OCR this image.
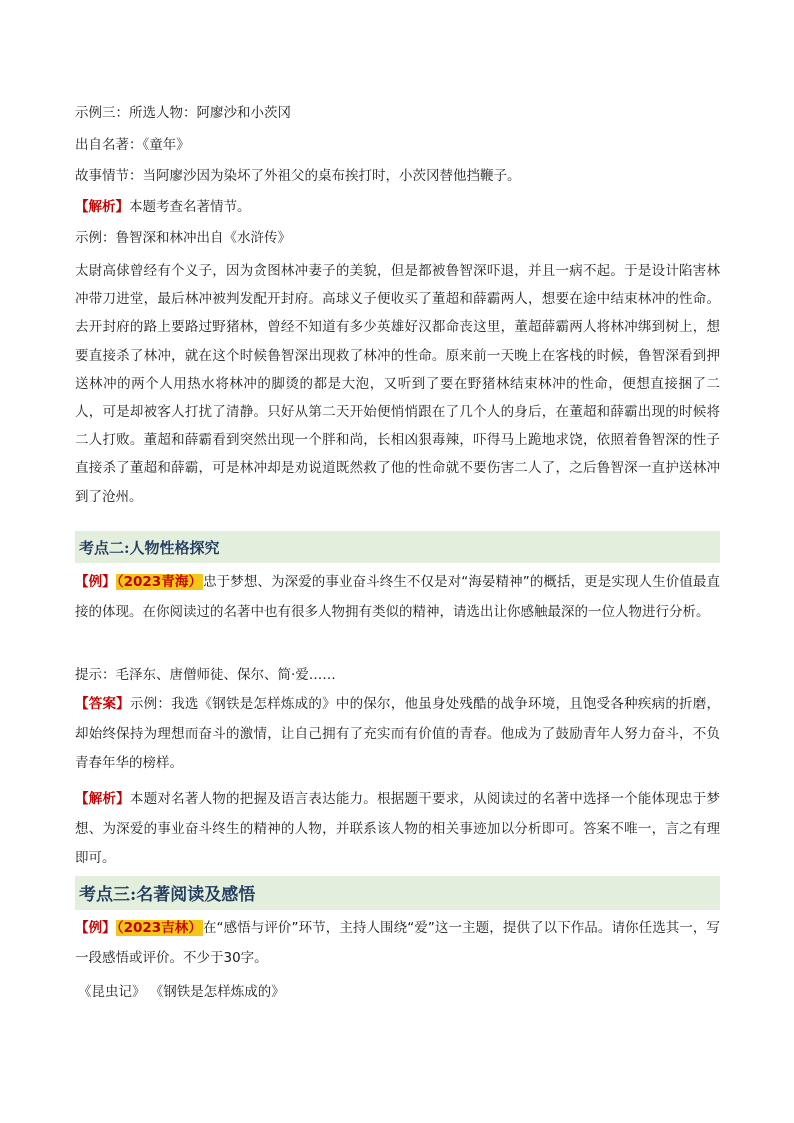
示例三：所选人物：阿廖沙和小茨冈
出自名著：《童年》
故事情节：当阿廖沙因为染坏了外祖父的桌布挨打时，小茨冈替他挡鞭子。
【解析】本题考查名著情节。
示例：鲁智深和林冲出自《水浒传》
太尉高俅曾经有个义子，因为贪图林冲妻子的美貌，但是都被鲁智深吓退，并且一病不起。于是设计陷害林冲带刀进堂，最后林冲被判发配开封府。高球义子便收买了董超和薛霸两人，想要在途中结束林冲的性命。去开封府的路上要路过野猪林，曾经不知道有多少英雄好汉都命丧这里，董超薛霸两人将林冲绑到树上，想要直接杀了林冲，就在这个时候鲁智深出现救了林冲的性命。原来前一天晚上在客栈的时候，鲁智深看到押送林冲的两个人用热水将林冲的脚烫的都是大泡，又听到了要在野猪林结束林冲的性命，便想直接捆了二人，可是却被客人打扰了清静。只好从第二天开始便悄悄跟在了几个人的身后，在董超和薛霸出现的时候将二人打败。董超和薛霸看到突然出现一个胖和尚，长相凶狠毒辣，吓得马上跪地求饶，依照着鲁智深的性子直接杀了董超和薛霸，可是林冲却是劝说道既然救了他的性命就不要伤害二人了，之后鲁智深一直护送林冲到了沧州。
考点二:人物性格探究
【例】（2023青海）忠于梦想、为深爱的事业奋斗终生不仅是对“海晏精神”的概括，更是实现人生价值最直接的体现。在你阅读过的名著中也有很多人物拥有类似的精神，请选出让你感触最深的一位人物进行分析。
提示：毛泽东、唐僧师徒、保尔、简·爱……
【答案】示例：我选《钢铁是怎样炼成的》中的保尔，他虽身处残酷的战争环境，且饱受各种疾病的折磨，却始终保持为理想而奋斗的激情，让自己拥有了充实而有价值的青春。他成为了鼓励青年人努力奋斗，不负青春年华的榜样。
【解析】本题对名著人物的把握及语言表达能力。根据题干要求，从阅读过的名著中选择一个能体现忠于梦想、为深爱的事业奋斗终生的精神的人物，并联系该人物的相关事迹加以分析即可。答案不唯一，言之有理即可。
考点三:名著阅读及感悟
【例】（2023吉林）在“感悟与评价”环节，主持人围绕“爱”这一主题，提供了以下作品。请你任选其一，写一段感悟或评价。不少于30字。
《昆虫记》 《钢铁是怎样炼成的》
